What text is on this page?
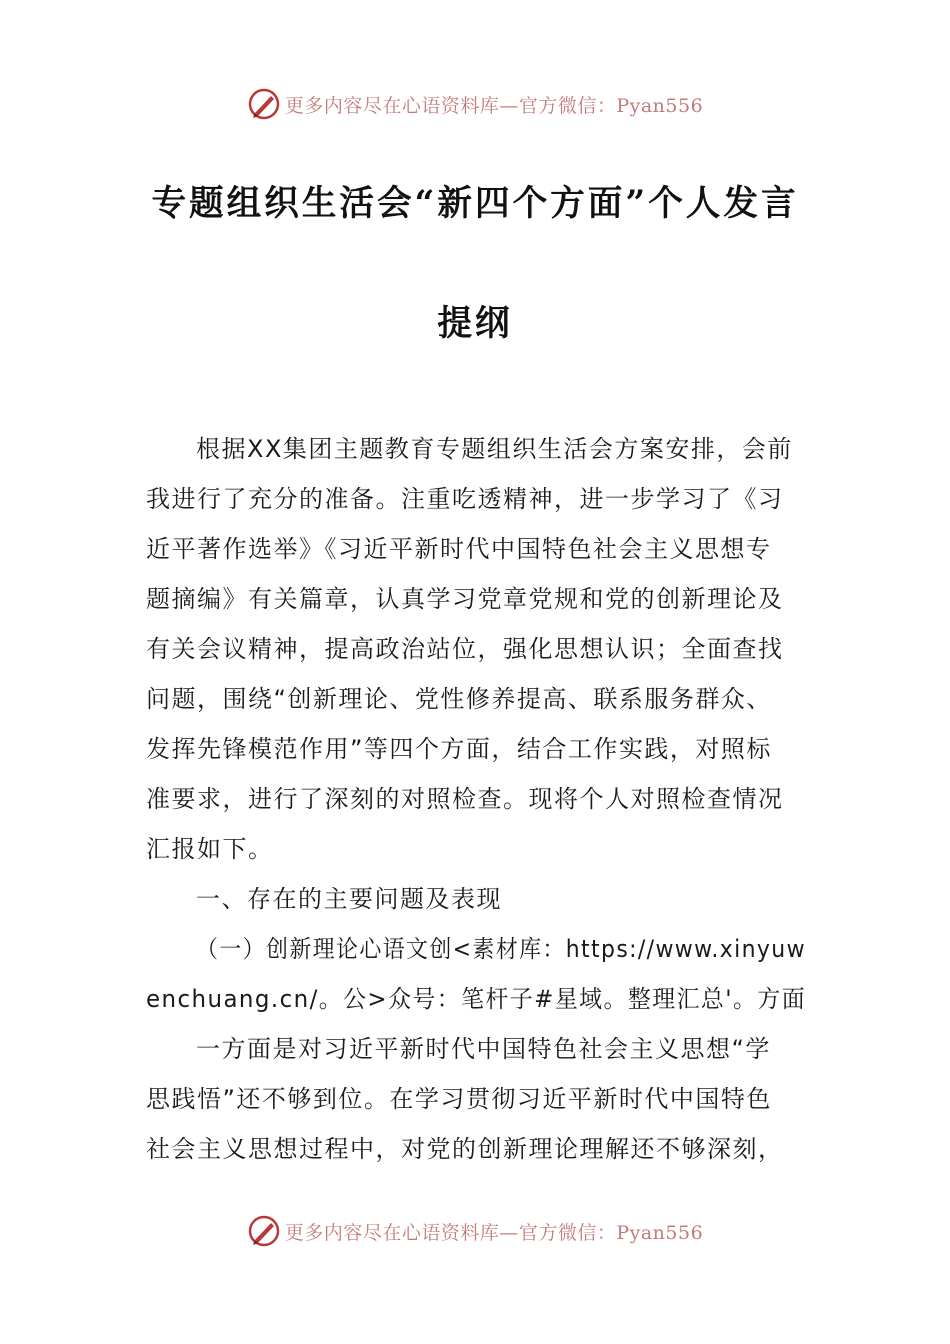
更多内容尽在心语资料库—官方微信：Pyan556
专题组织生活会“新四个方面”个人发言
提纲
根据XX集团主题教育专题组织生活会方案安排，会前
我进行了充分的准备。注重吃透精神，进一步学习了《习
近平著作选举》《习近平新时代中国特色社会主义思想专
题摘编》有关篇章，认真学习党章党规和党的创新理论及
有关会议精神，提高政治站位，强化思想认识；全面查找
问题，围绕“创新理论、党性修养提高、联系服务群众、
发挥先锋模范作用”等四个方面，结合工作实践，对照标
准要求，进行了深刻的对照检查。现将个人对照检查情况
汇报如下。
一、存在的主要问题及表现
（一）创新理论心语文创<素材库：https://www.xinyuw
enchuang.cn/。公>众号：笔杆子#星域。整理汇总'。方面
一方面是对习近平新时代中国特色社会主义思想“学
思践悟”还不够到位。在学习贯彻习近平新时代中国特色
社会主义思想过程中，对党的创新理论理解还不够深刻，
更多内容尽在心语资料库—官方微信：Pyan556
